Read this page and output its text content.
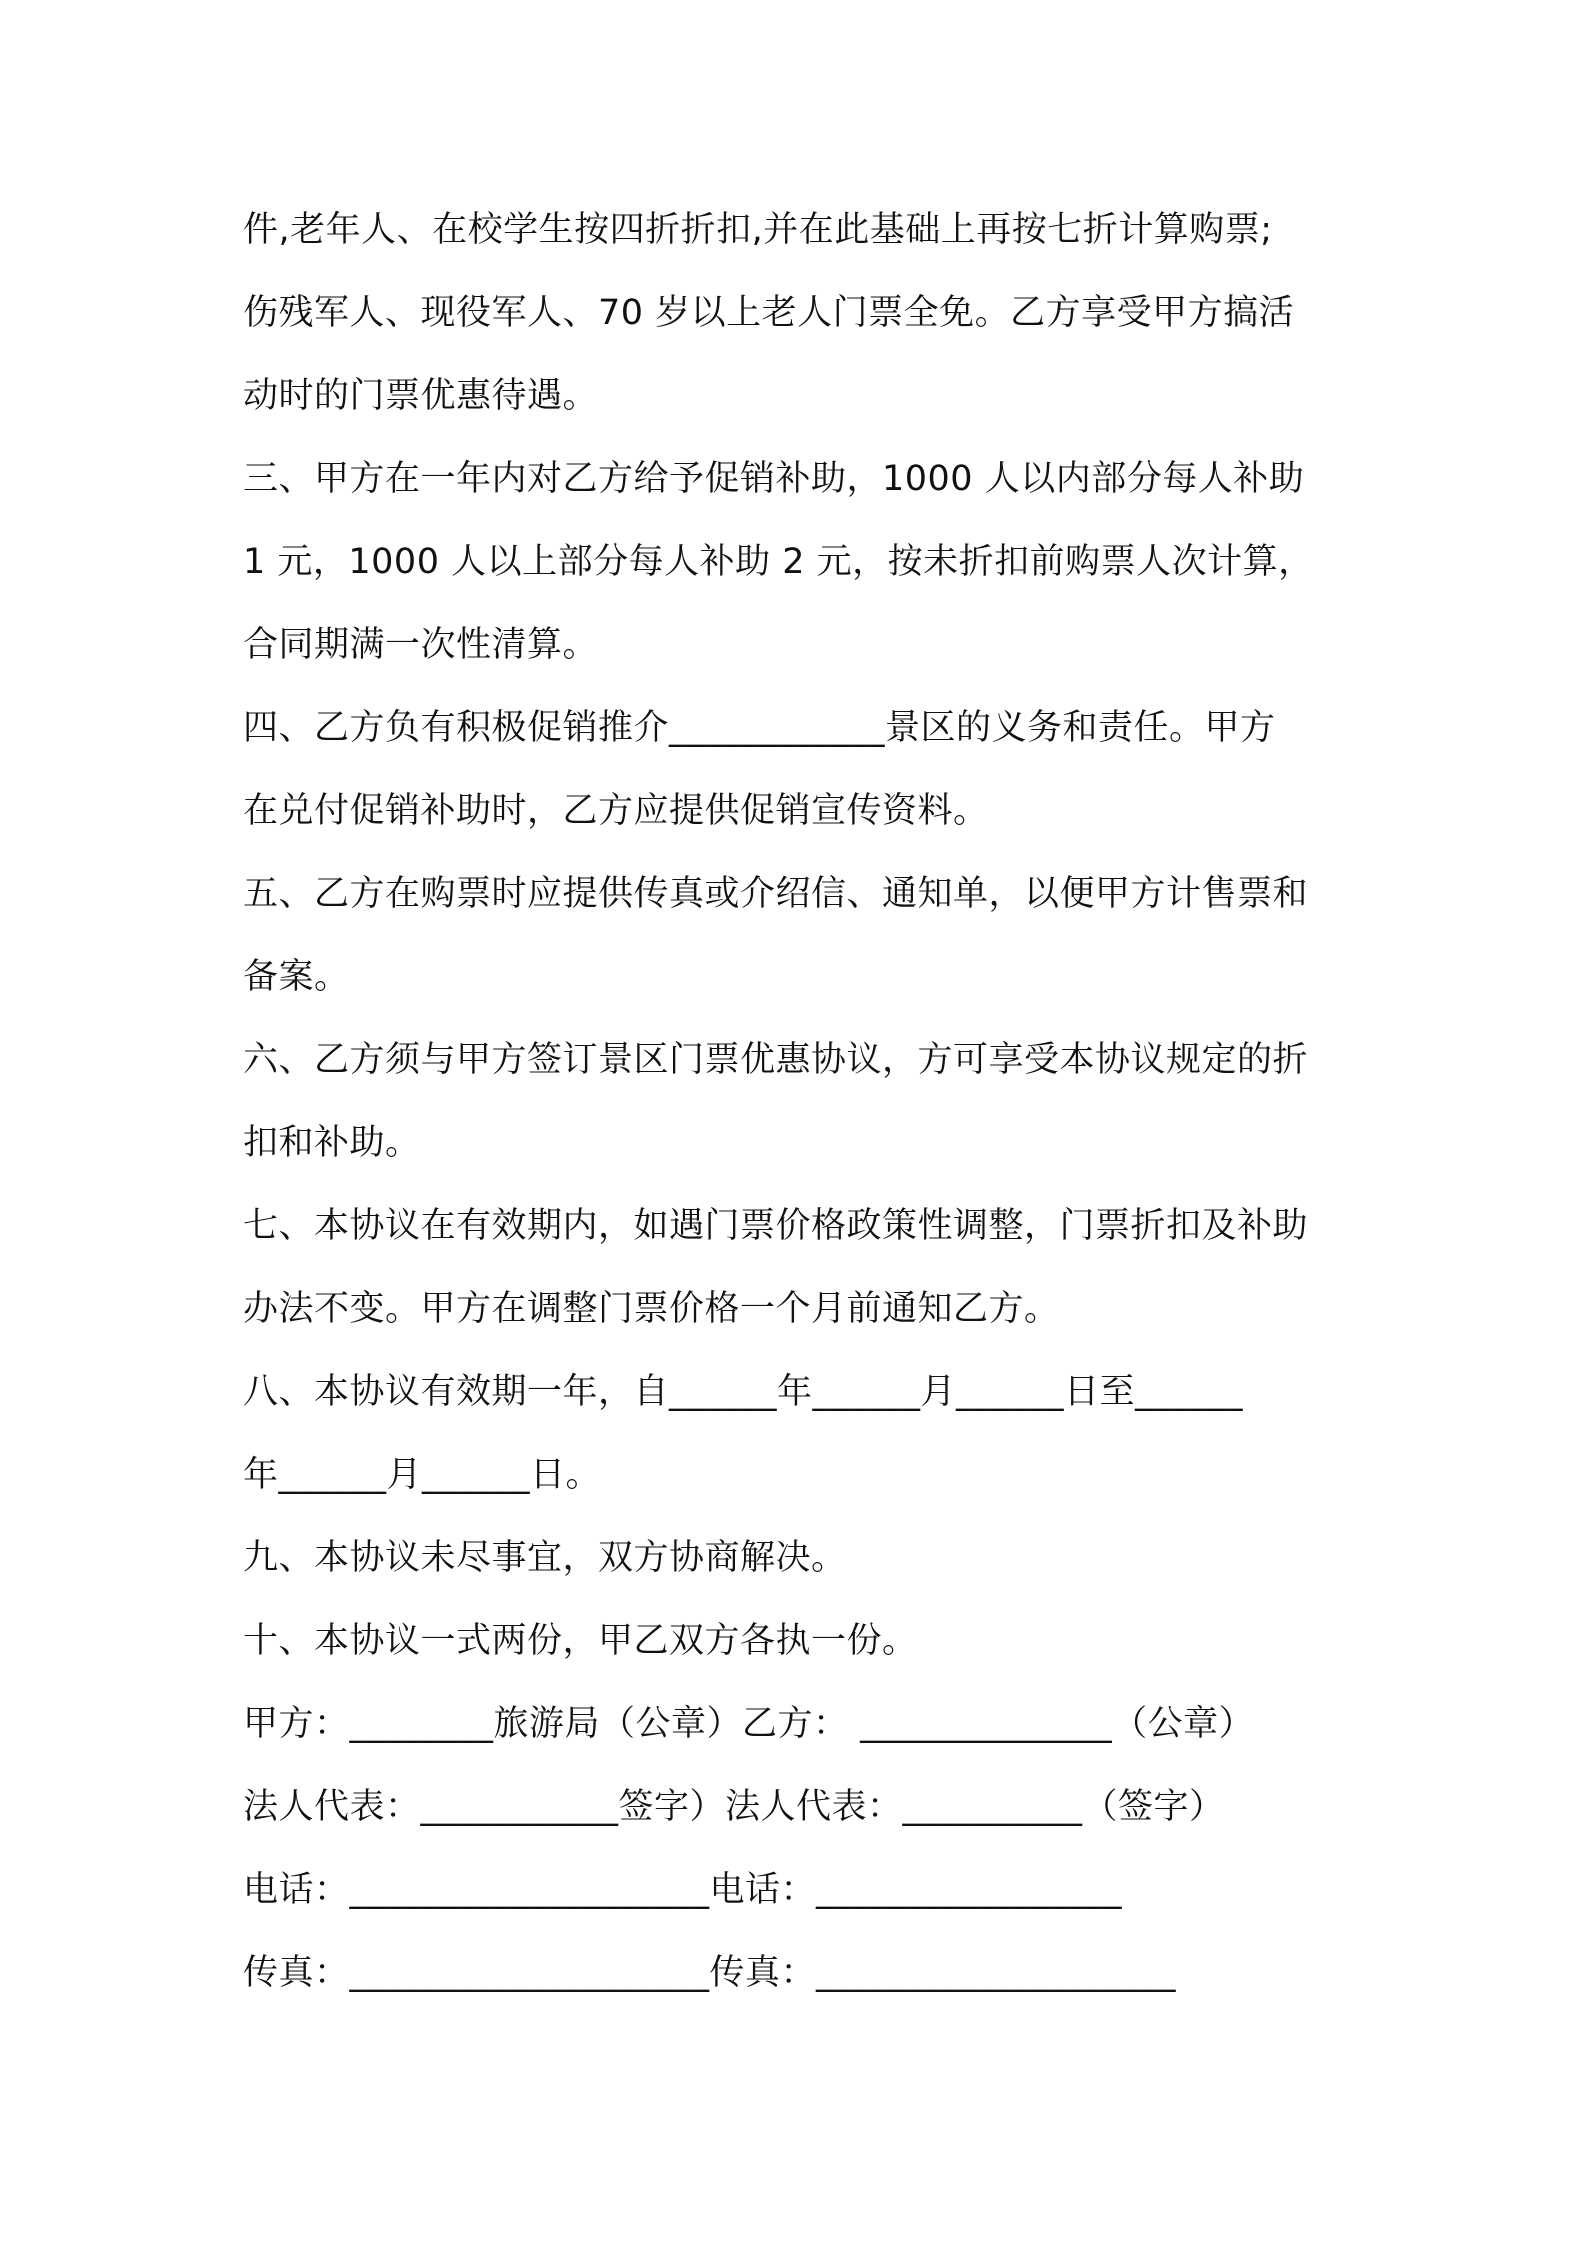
件,老年人、在校学生按四折折扣,并在此基础上再按七折计算购票;
伤残军人、现役军人、70 岁以上老人门票全免。乙方享受甲方搞活
动时的门票优惠待遇。
三、甲方在一年内对乙方给予促销补助，1000 人以内部分每人补助
1 元，1000 人以上部分每人补助 2 元，按未折扣前购票人次计算，
合同期满一次性清算。
四、乙方负有积极促销推介____________景区的义务和责任。甲方
在兑付促销补助时，乙方应提供促销宣传资料。
五、乙方在购票时应提供传真或介绍信、通知单，以便甲方计售票和
备案。
六、乙方须与甲方签订景区门票优惠协议，方可享受本协议规定的折
扣和补助。
七、本协议在有效期内，如遇门票价格政策性调整，门票折扣及补助
办法不变。甲方在调整门票价格一个月前通知乙方。
八、本协议有效期一年，自______年______月______日至______
年______月______日。
九、本协议未尽事宜，双方协商解决。
十、本协议一式两份，甲乙双方各执一份。
甲方：________旅游局（公章）乙方： ______________（公章）
法人代表：___________签字）法人代表：__________（签字）
电话：____________________电话：_________________
传真：____________________传真：____________________
